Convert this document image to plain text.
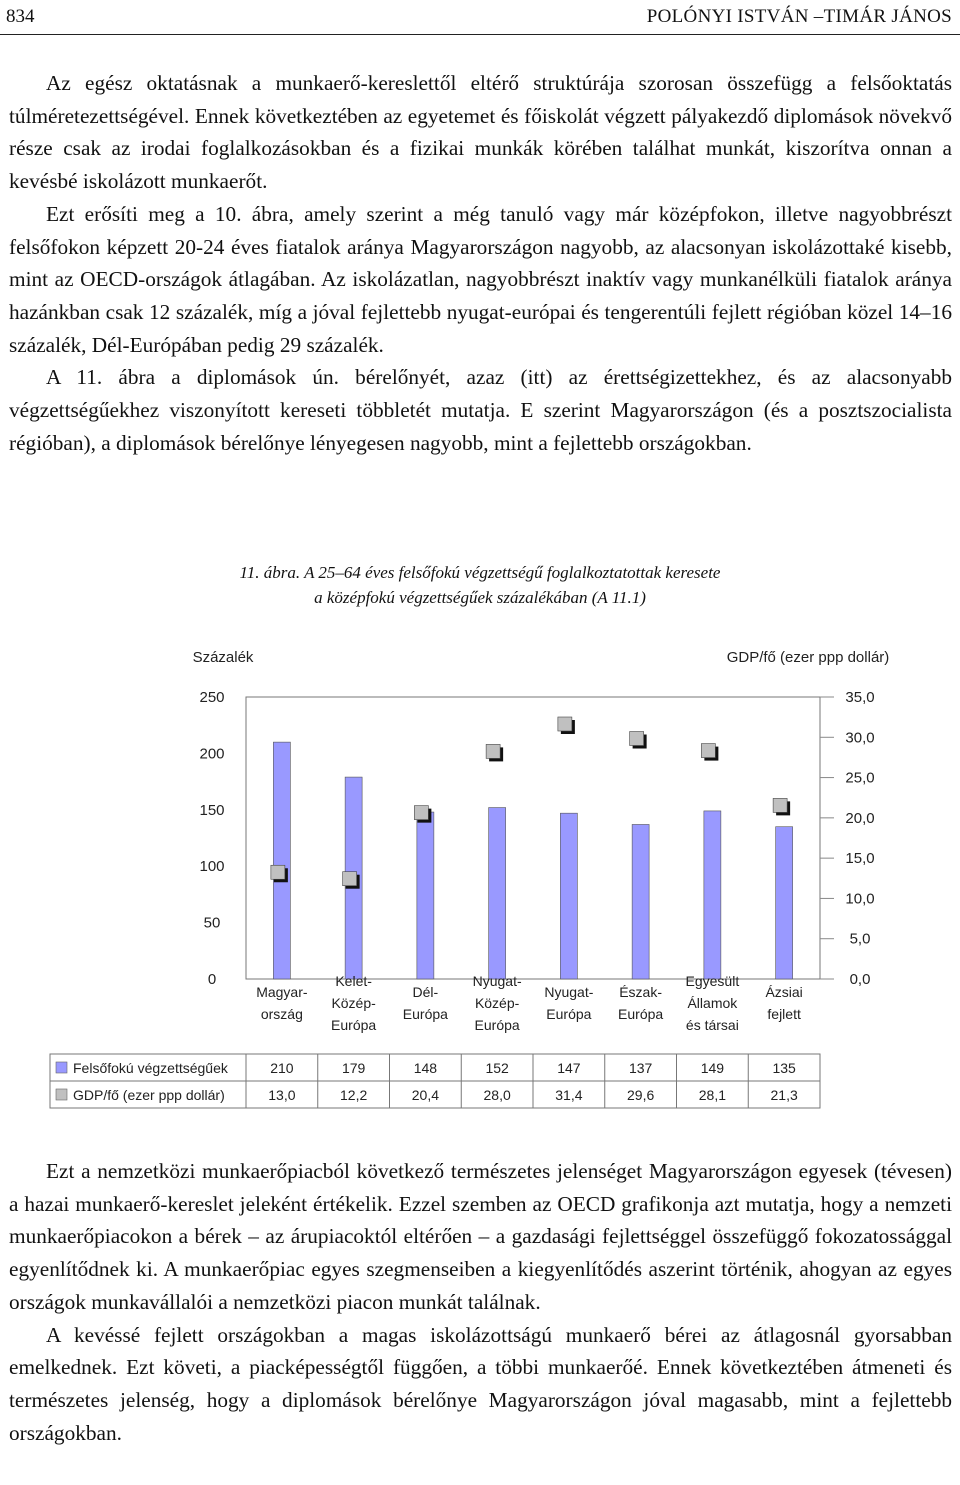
834	POLÓNYI ISTVÁN –TIMÁR JÁNOS

Az egész oktatásnak a munkaerő-kereslettől eltérő struktúrája szorosan összefügg a felsőoktatás túlméretezettségével. Ennek következtében az egyetemet és főiskolát végzett pályakezdő diplomások növekvő része csak az irodai foglalkozásokban és a fizikai munkák körében találhat munkát, kiszorítva onnan a kevésbé iskolázott munkaerőt.

Ezt erősíti meg a 10. ábra, amely szerint a még tanuló vagy már középfokon, illetve nagyobbrészt felsőfokon képzett 20-24 éves fiatalok aránya Magyarországon nagyobb, az alacsonyan iskolázottaké kisebb, mint az OECD-országok átlagában. Az iskolázatlan, nagyobbrészt inaktív vagy munkanélküli fiatalok aránya hazánkban csak 12 százalék, míg a jóval fejlettebb nyugat-európai és tengerentúli fejlett régióban közel 14–16 százalék, Dél-Európában pedig 29 százalék.

A 11. ábra a diplomások ún. bérelőnyét, azaz (itt) az érettségizettekhez, és az alacsonyabb végzettségűekhez viszonyított kereseti többletét mutatja. E szerint Magyarországon (és a posztszocialista régióban), a diplomások bérelőnye lényegesen nagyobb, mint a fejlettebb országokban.

11. ábra. A 25–64 éves felsőfokú végzettségű foglalkoztatottak keresete
a középfokú végzettségűek százalékában (A 11.1)
Százalék	GDP/fő (ezer ppp dollár)
250
200
150
100
50
0
35,0
30,0
25,0
20,0
15,0
10,0
5,0
0,0
Magyar-
ország
Kelet-
Közép-
Európa
Dél-
Európa
Nyugat-
Közép-
Európa
Nyugat-
Európa
Észak-
Európa
Egyesült
Államok
és társai
Ázsiai
fejlett
Felsőfokú végzettségűek	210	179	148	152	147	137	149	135
GDP/fő (ezer ppp dollár)	13,0	12,2	20,4	28,0	31,4	29,6	28,1	21,3

Ezt a nemzetközi munkaerőpiacból következő természetes jelenséget Magyarországon egyesek (tévesen) a hazai munkaerő-kereslet jeleként értékelik. Ezzel szemben az OECD grafikonja azt mutatja, hogy a nemzeti munkaerőpiacokon a bérek – az árupiacoktól eltérően – a gazdasági fejlettséggel összefüggő fokozatossággal egyenlítődnek ki. A munkaerőpiac egyes szegmenseiben a kiegyenlítődés aszerint történik, ahogyan az egyes országok munkavállalói a nemzetközi piacon munkát találnak.

A kevéssé fejlett országokban a magas iskolázottságú munkaerő bérei az átlagosnál gyorsabban emelkednek. Ezt követi, a piacképességtől függően, a többi munkaerőé. Ennek következtében átmeneti és természetes jelenség, hogy a diplomások bérelőnye Magyarországon jóval magasabb, mint a fejlettebb országokban.
